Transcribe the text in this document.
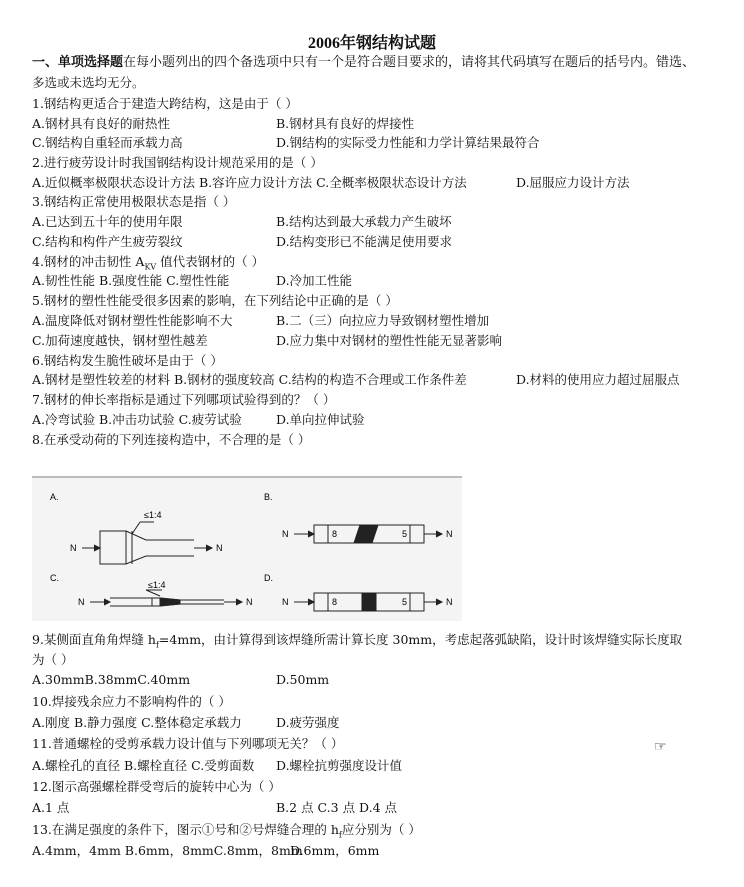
2006年钢结构试题
一、单项选择题在每小题列出的四个备选项中只有一个是符合题目要求的，请将其代码填写在题后的括号内。错选、
多选或未选均无分。
1.钢结构更适合于建造大跨结构，这是由于（ ）
A.钢材具有良好的耐热性	B.钢材具有良好的焊接性
C.钢结构自重轻而承载力高	D.钢结构的实际受力性能和力学计算结果最符合
2.进行疲劳设计时我国钢结构设计规范采用的是（ ）
A.近似概率极限状态设计方法 B.容许应力设计方法 C.全概率极限状态设计方法	D.屈服应力设计方法
3.钢结构正常使用极限状态是指（ ）
A.已达到五十年的使用年限	B.结构达到最大承载力产生破坏
C.结构和构件产生疲劳裂纹	D.结构变形已不能满足使用要求
4.钢材的冲击韧性 $A_{KV}$ 值代表钢材的（ ）
A.韧性性能 B.强度性能 C.塑性性能	D.冷加工性能
5.钢材的塑性性能受很多因素的影响，在下列结论中正确的是（ ）
A.温度降低对钢材塑性性能影响不大	B.二（三）向拉应力导致钢材塑性增加
C.加荷速度越快，钢材塑性越差	D.应力集中对钢材的塑性性能无显著影响
6.钢结构发生脆性破坏是由于（ ）
A.钢材是塑性较差的材料 B.钢材的强度较高 C.结构的构造不合理或工作条件差	D.材料的使用应力超过屈服点
7.钢材的伸长率指标是通过下列哪项试验得到的？（ ）
A.冷弯试验 B.冲击功试验 C.疲劳试验	D.单向拉伸试验
8.在承受动荷的下列连接构造中，不合理的是（ ）
A.	B.
C.	D.
≤1:4
≤1:4
N	N
N	N
N	N	N	N
8	5
8	5
9.某侧面直角角焊缝 $h_f=4mm$，由计算得到该焊缝所需计算长度 30mm，考虑起落弧缺陷，设计时该焊缝实际长度取
为（ ）
A.30mmB.38mmC.40mm	D.50mm
10.焊接残余应力不影响构件的（ ）
A.刚度 B.静力强度 C.整体稳定承载力	D.疲劳强度
11.普通螺栓的受剪承载力设计值与下列哪项无关？（ ）
A.螺栓孔的直径 B.螺栓直径 C.受剪面数 D.螺栓抗剪强度设计值
12.图示高强螺栓群受弯后的旋转中心为（ ）
A.1 点	B.2 点 C.3 点 D.4 点
13.在满足强度的条件下，图示①号和②号焊缝合理的 $h_f$应分别为（ ）
A.4mm，4mm B.6mm，8mmC.8mm，8mm
D.6mm，6mm
☞
